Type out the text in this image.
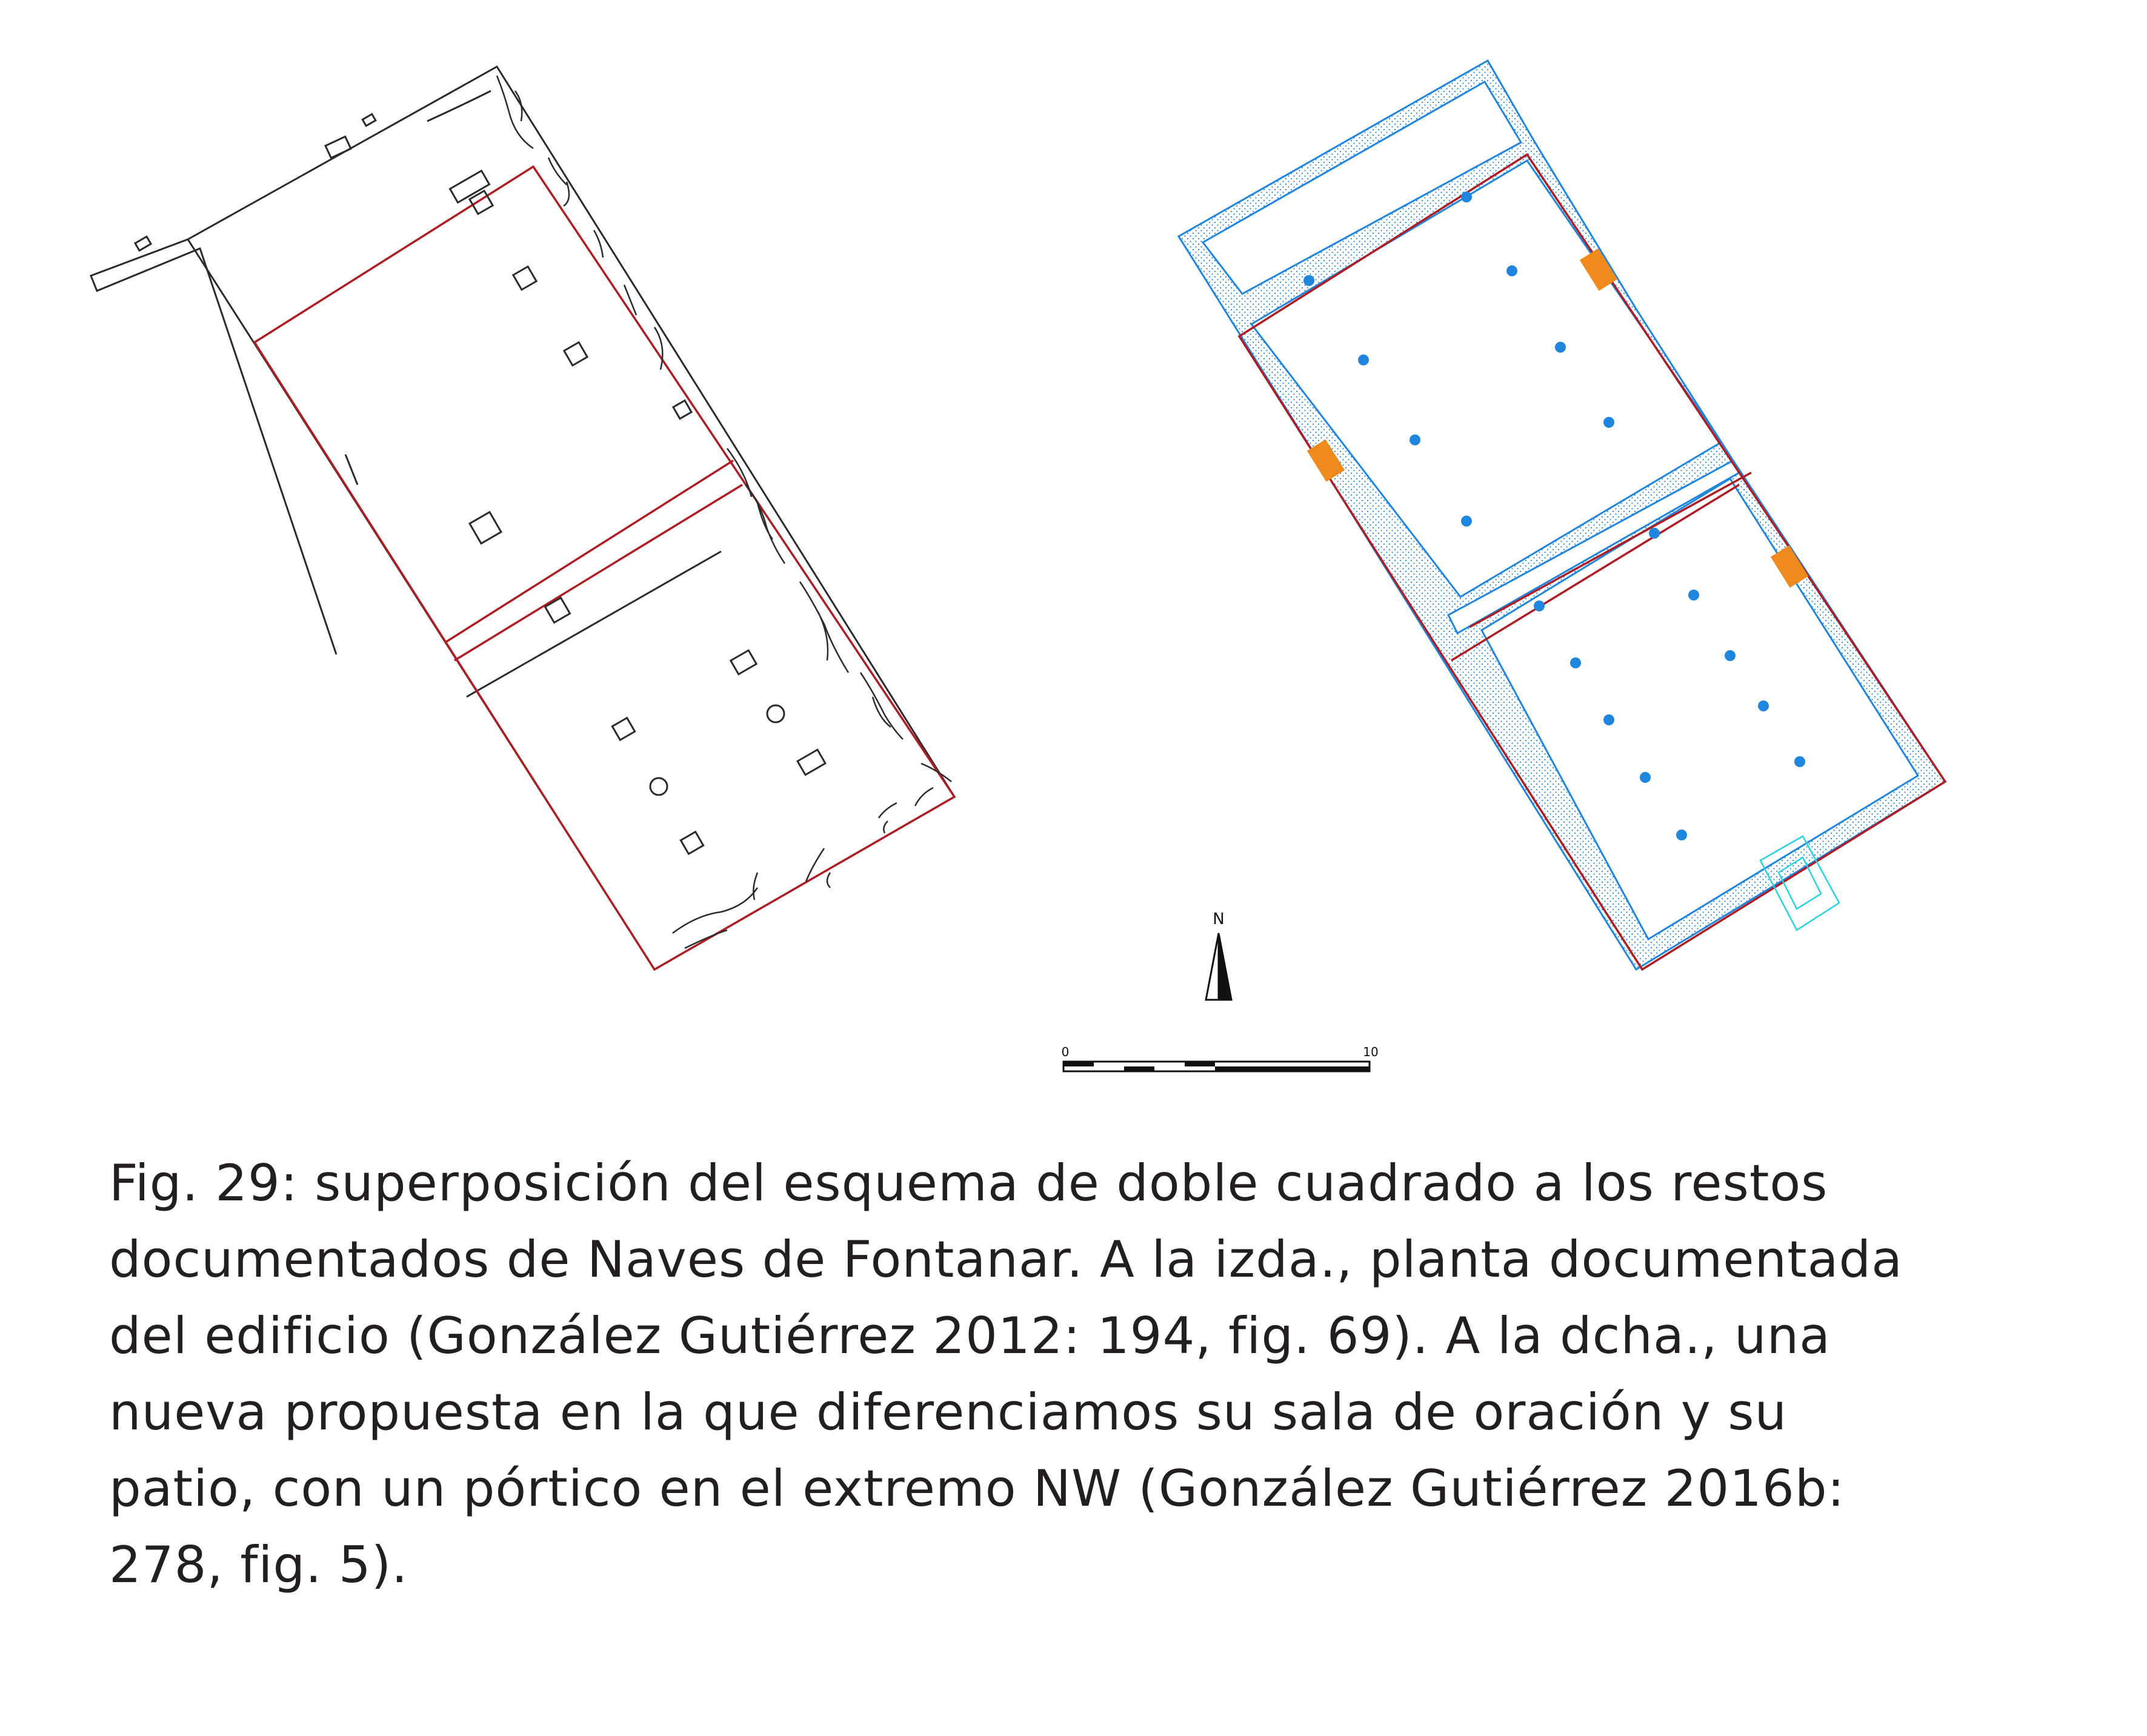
N
0	10

Fig. 29: superposición del esquema de doble cuadrado a los restos
documentados de Naves de Fontanar. A la izda., planta documentada
del edificio (González Gutiérrez 2012: 194, fig. 69). A la dcha., una
nueva propuesta en la que diferenciamos su sala de oración y su
patio, con un pórtico en el extremo NW (González Gutiérrez 2016b:
278, fig. 5).
